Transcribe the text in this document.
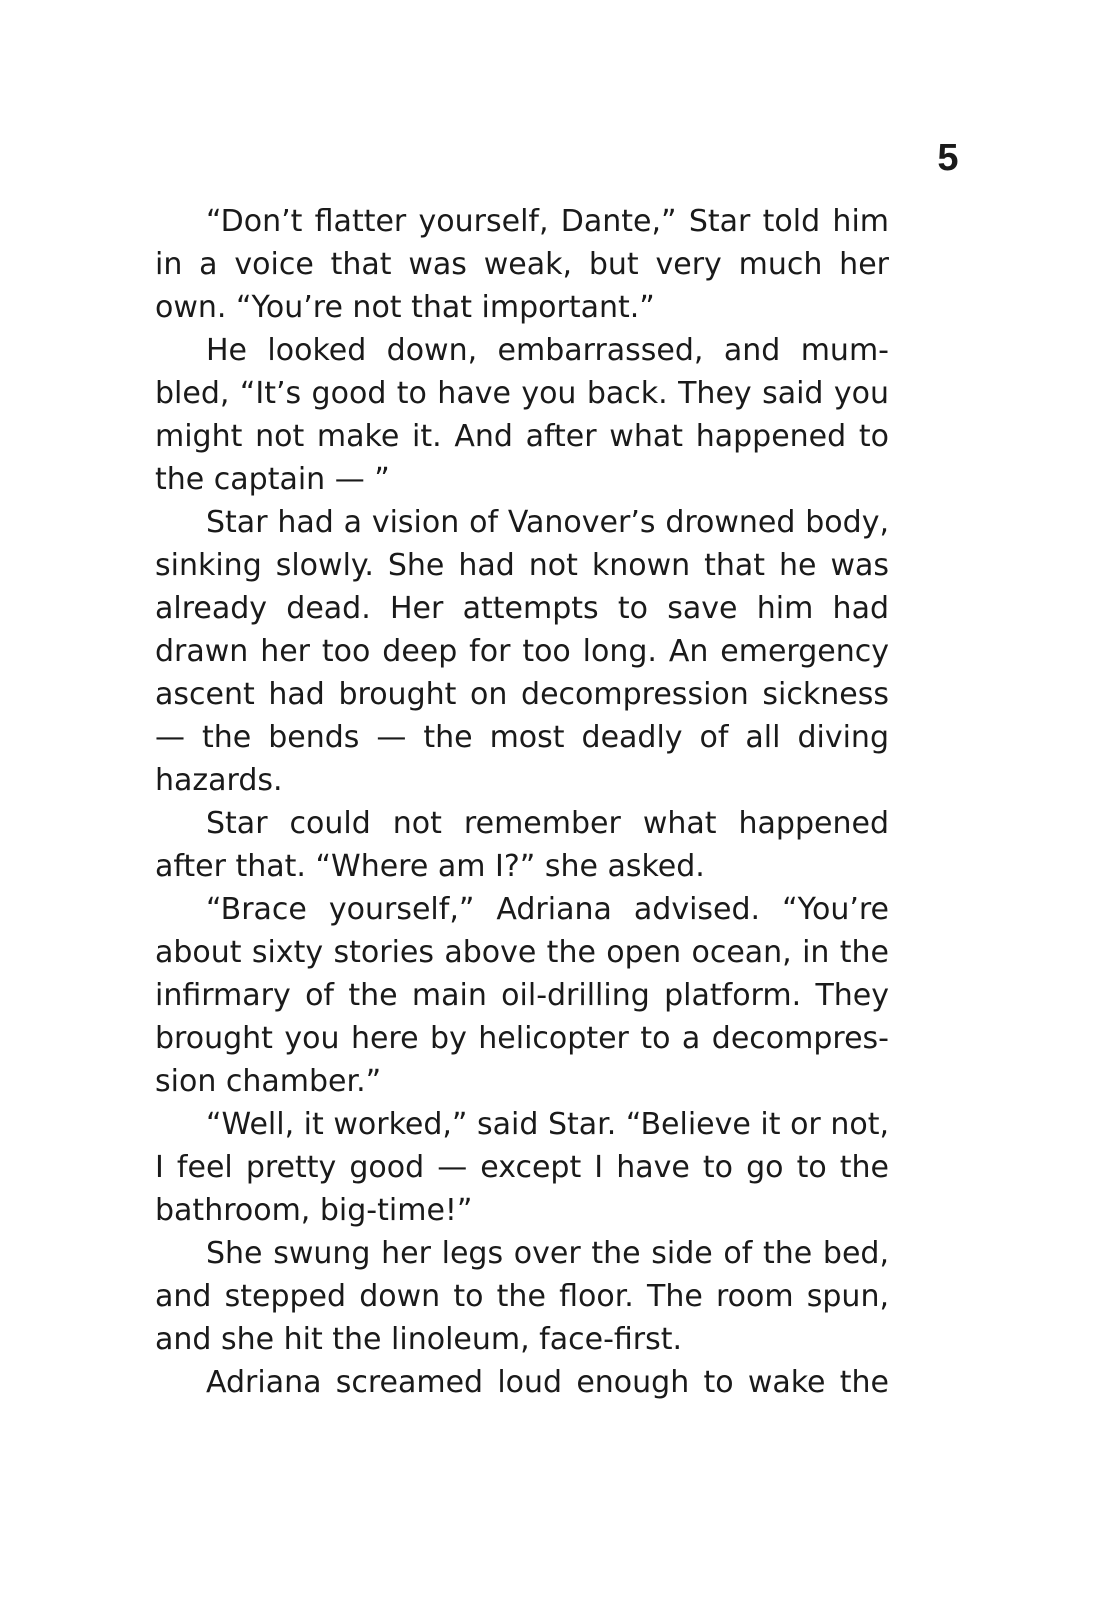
5

“Don’t flatter yourself, Dante,” Star told him in a voice that was weak, but very much her own. “You’re not that important.”

He looked down, embarrassed, and mumbled, “It’s good to have you back. They said you might not make it. And after what happened to the captain — ”

Star had a vision of Vanover’s drowned body, sinking slowly. She had not known that he was already dead. Her attempts to save him had drawn her too deep for too long. An emergency ascent had brought on decompression sickness — the bends — the most deadly of all diving hazards.

Star could not remember what happened after that. “Where am I?” she asked.

“Brace yourself,” Adriana advised. “You’re about sixty stories above the open ocean, in the infirmary of the main oil-drilling platform. They brought you here by helicopter to a decompression chamber.”

“Well, it worked,” said Star. “Believe it or not, I feel pretty good — except I have to go to the bathroom, big-time!”

She swung her legs over the side of the bed, and stepped down to the floor. The room spun, and she hit the linoleum, face-first.

Adriana screamed loud enough to wake the
